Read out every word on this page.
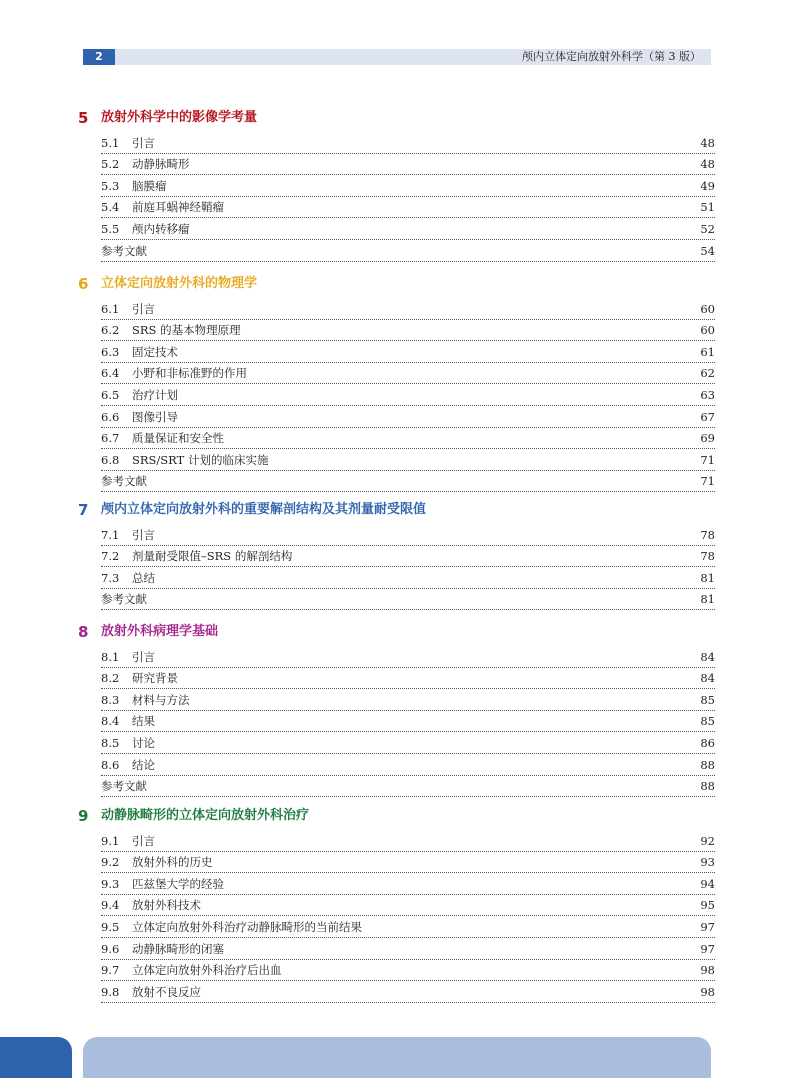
2	颅内立体定向放射外科学（第 3 版）
5 放射外科学中的影像学考量
5.1	引言	48
5.2	动静脉畸形	48
5.3	脑膜瘤	49
5.4	前庭耳蜗神经鞘瘤	51
5.5	颅内转移瘤	52
参考文献	54
6 立体定向放射外科的物理学
6.1	引言	60
6.2	SRS 的基本物理原理	60
6.3	固定技术	61
6.4	小野和非标准野的作用	62
6.5	治疗计划	63
6.6	图像引导	67
6.7	质量保证和安全性	69
6.8	SRS/SRT 计划的临床实施	71
参考文献	71
7 颅内立体定向放射外科的重要解剖结构及其剂量耐受限值
7.1	引言	78
7.2	剂量耐受限值–SRS 的解剖结构	78
7.3	总结	81
参考文献	81
8 放射外科病理学基础
8.1	引言	84
8.2	研究背景	84
8.3	材料与方法	85
8.4	结果	85
8.5	讨论	86
8.6	结论	88
参考文献	88
9 动静脉畸形的立体定向放射外科治疗
9.1	引言	92
9.2	放射外科的历史	93
9.3	匹兹堡大学的经验	94
9.4	放射外科技术	95
9.5	立体定向放射外科治疗动静脉畸形的当前结果	97
9.6	动静脉畸形的闭塞	97
9.7	立体定向放射外科治疗后出血	98
9.8	放射不良反应	98
